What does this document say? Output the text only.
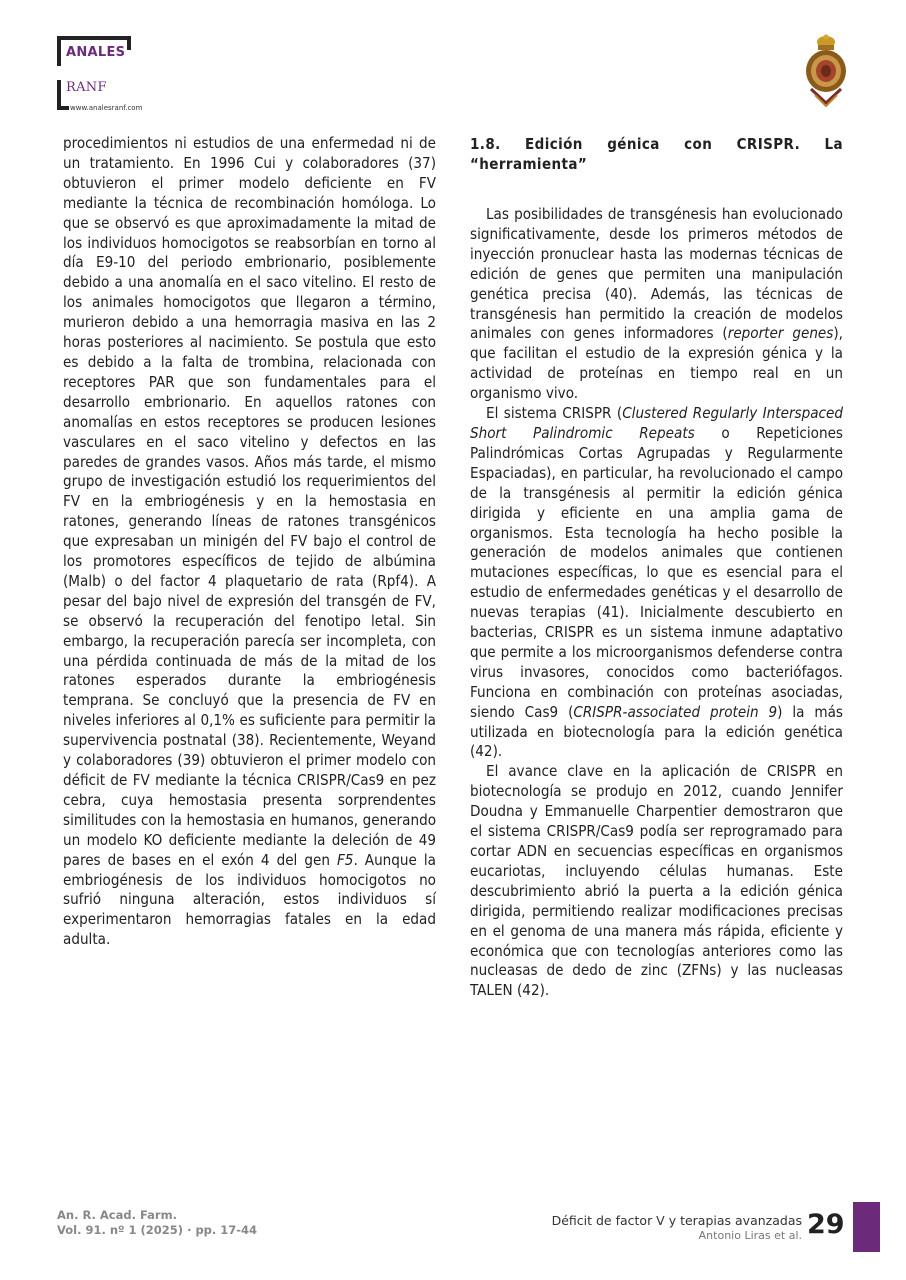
ANALES
RANF
www.analesranf.com

procedimientos ni estudios de una enfermedad ni de un tratamiento. En 1996 Cui y colaboradores (37) obtuvieron el primer modelo deficiente en FV mediante la técnica de recombinación homóloga. Lo que se observó es que aproximadamente la mitad de los individuos homocigotos se reabsorbían en torno al día E9-10 del periodo embrionario, posiblemente debido a una anomalía en el saco vitelino. El resto de los animales homocigotos que llegaron a término, murieron debido a una hemorragia masiva en las 2 horas posteriores al nacimiento. Se postula que esto es debido a la falta de trombina, relacionada con receptores PAR que son fundamentales para el desarrollo embrionario. En aquellos ratones con anomalías en estos receptores se producen lesiones vasculares en el saco vitelino y defectos en las paredes de grandes vasos. Años más tarde, el mismo grupo de investigación estudió los requerimientos del FV en la embriogénesis y en la hemostasia en ratones, generando líneas de ratones transgénicos que expresaban un minigén del FV bajo el control de los promotores específicos de tejido de albúmina (Malb) o del factor 4 plaquetario de rata (Rpf4). A pesar del bajo nivel de expresión del transgén de FV, se observó la recuperación del fenotipo letal. Sin embargo, la recuperación parecía ser incompleta, con una pérdida continuada de más de la mitad de los ratones esperados durante la embriogénesis temprana. Se concluyó que la presencia de FV en niveles inferiores al 0,1% es suficiente para permitir la supervivencia postnatal (38). Recientemente, Weyand y colaboradores (39) obtuvieron el primer modelo con déficit de FV mediante la técnica CRISPR/Cas9 en pez cebra, cuya hemostasia presenta sorprendentes similitudes con la hemostasia en humanos, generando un modelo KO deficiente mediante la deleción de 49 pares de bases en el exón 4 del gen F5. Aunque la embriogénesis de los individuos homocigotos no sufrió ninguna alteración, estos individuos sí experimentaron hemorragias fatales en la edad adulta.

1.8. Edición génica con CRISPR. La
“herramienta”

Las posibilidades de transgénesis han evolucionado significativamente, desde los primeros métodos de inyección pronuclear hasta las modernas técnicas de edición de genes que permiten una manipulación genética precisa (40). Además, las técnicas de transgénesis han permitido la creación de modelos animales con genes informadores (reporter genes), que facilitan el estudio de la expresión génica y la actividad de proteínas en tiempo real en un organismo vivo.

El sistema CRISPR (Clustered Regularly Interspaced Short Palindromic Repeats o Repeticiones Palindrómicas Cortas Agrupadas y Regularmente Espaciadas), en particular, ha revolucionado el campo de la transgénesis al permitir la edición génica dirigida y eficiente en una amplia gama de organismos. Esta tecnología ha hecho posible la generación de modelos animales que contienen mutaciones específicas, lo que es esencial para el estudio de enfermedades genéticas y el desarrollo de nuevas terapias (41). Inicialmente descubierto en bacterias, CRISPR es un sistema inmune adaptativo que permite a los microorganismos defenderse contra virus invasores, conocidos como bacteriófagos. Funciona en combinación con proteínas asociadas, siendo Cas9 (CRISPR-associated protein 9) la más utilizada en biotecnología para la edición genética (42).

El avance clave en la aplicación de CRISPR en biotecnología se produjo en 2012, cuando Jennifer Doudna y Emmanuelle Charpentier demostraron que el sistema CRISPR/Cas9 podía ser reprogramado para cortar ADN en secuencias específicas en organismos eucariotas, incluyendo células humanas. Este descubrimiento abrió la puerta a la edición génica dirigida, permitiendo realizar modificaciones precisas en el genoma de una manera más rápida, eficiente y económica que con tecnologías anteriores como las nucleasas de dedo de zinc (ZFNs) y las nucleasas TALEN (42).

An. R. Acad. Farm.
Vol. 91. nº 1 (2025) · pp. 17-44
Déficit de factor V y terapias avanzadas
Antonio Liras et al. 29
